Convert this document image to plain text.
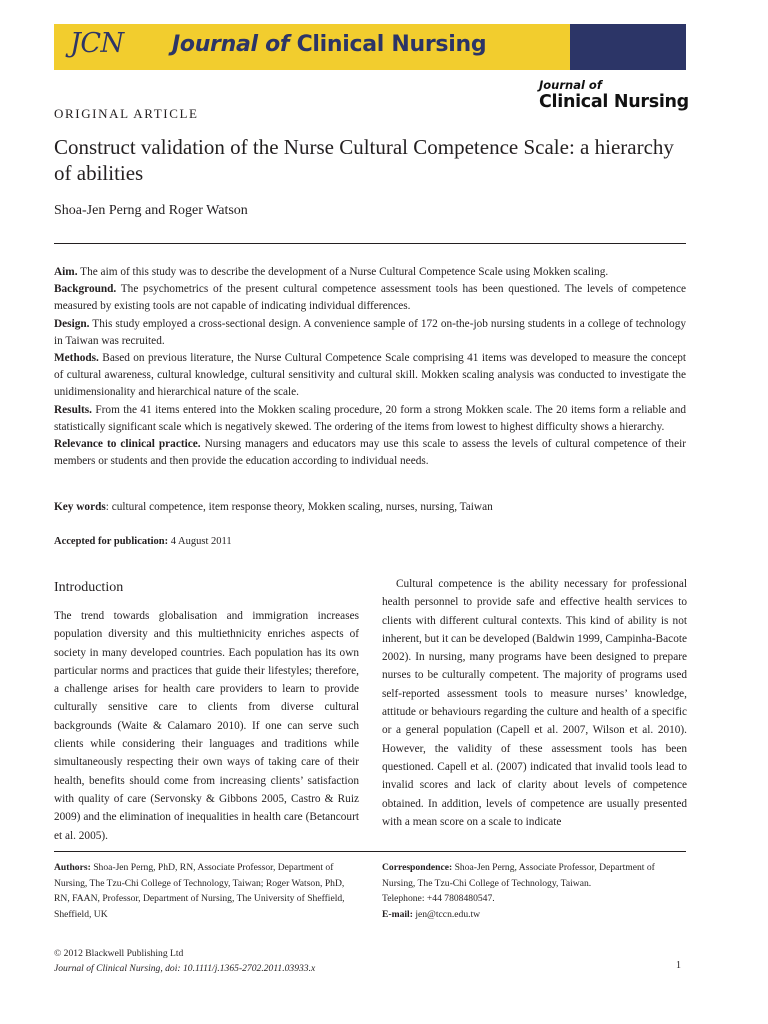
JCN Journal of Clinical Nursing
Journal of
Clinical Nursing
ORIGINAL ARTICLE
Construct validation of the Nurse Cultural Competence Scale: a hierarchy of abilities
Shoa-Jen Perng and Roger Watson

Aim. The aim of this study was to describe the development of a Nurse Cultural Competence Scale using Mokken scaling.

Background. The psychometrics of the present cultural competence assessment tools has been questioned. The levels of competence measured by existing tools are not capable of indicating individual differences.

Design. This study employed a cross-sectional design. A convenience sample of 172 on-the-job nursing students in a college of technology in Taiwan was recruited.

Methods. Based on previous literature, the Nurse Cultural Competence Scale comprising 41 items was developed to measure the concept of cultural awareness, cultural knowledge, cultural sensitivity and cultural skill. Mokken scaling analysis was conducted to investigate the unidimensionality and hierarchical nature of the scale.

Results. From the 41 items entered into the Mokken scaling procedure, 20 form a strong Mokken scale. The 20 items form a reliable and statistically significant scale which is negatively skewed. The ordering of the items from lowest to highest difficulty shows a hierarchy.

Relevance to clinical practice. Nursing managers and educators may use this scale to assess the levels of cultural competence of their members or students and then provide the education according to individual needs.

Key words: cultural competence, item response theory, Mokken scaling, nurses, nursing, Taiwan
Accepted for publication: 4 August 2011
Introduction

The trend towards globalisation and immigration increases population diversity and this multiethnicity enriches aspects of society in many developed countries. Each population has its own particular norms and practices that guide their lifestyles; therefore, a challenge arises for health care providers to learn to provide culturally sensitive care to clients from diverse cultural backgrounds (Waite & Calamaro 2010). If one can serve such clients while considering their languages and traditions while simultaneously respecting their own ways of taking care of their health, benefits should come from increasing clients’ satisfaction with quality of care (Servonsky & Gibbons 2005, Castro & Ruiz 2009) and the elimination of inequalities in health care (Betancourt et al. 2005).

Cultural competence is the ability necessary for professional health personnel to provide safe and effective health services to clients with different cultural contexts. This kind of ability is not inherent, but it can be developed (Baldwin 1999, Campinha-Bacote 2002). In nursing, many programs have been designed to prepare nurses to be culturally competent. The majority of programs used self-reported assessment tools to measure nurses’ knowledge, attitude or behaviours regarding the culture and health of a specific or a general population (Capell et al. 2007, Wilson et al. 2010). However, the validity of these assessment tools has been questioned. Capell et al. (2007) indicated that invalid tools lead to invalid scores and lack of clarity about levels of competence obtained. In addition, levels of competence are usually presented with a mean score on a scale to indicate

Authors: Shoa-Jen Perng, PhD, RN, Associate Professor, Department of Nursing, The Tzu-Chi College of Technology, Taiwan; Roger Watson, PhD, RN, FAAN, Professor, Department of Nursing, The University of Sheffield, Sheffield, UK
Correspondence: Shoa-Jen Perng, Associate Professor, Department of Nursing, The Tzu-Chi College of Technology, Taiwan.
Telephone: +44 7808480547.
E-mail: jen@tccn.edu.tw
© 2012 Blackwell Publishing Ltd
Journal of Clinical Nursing, doi: 10.1111/j.1365-2702.2011.03933.x	1
